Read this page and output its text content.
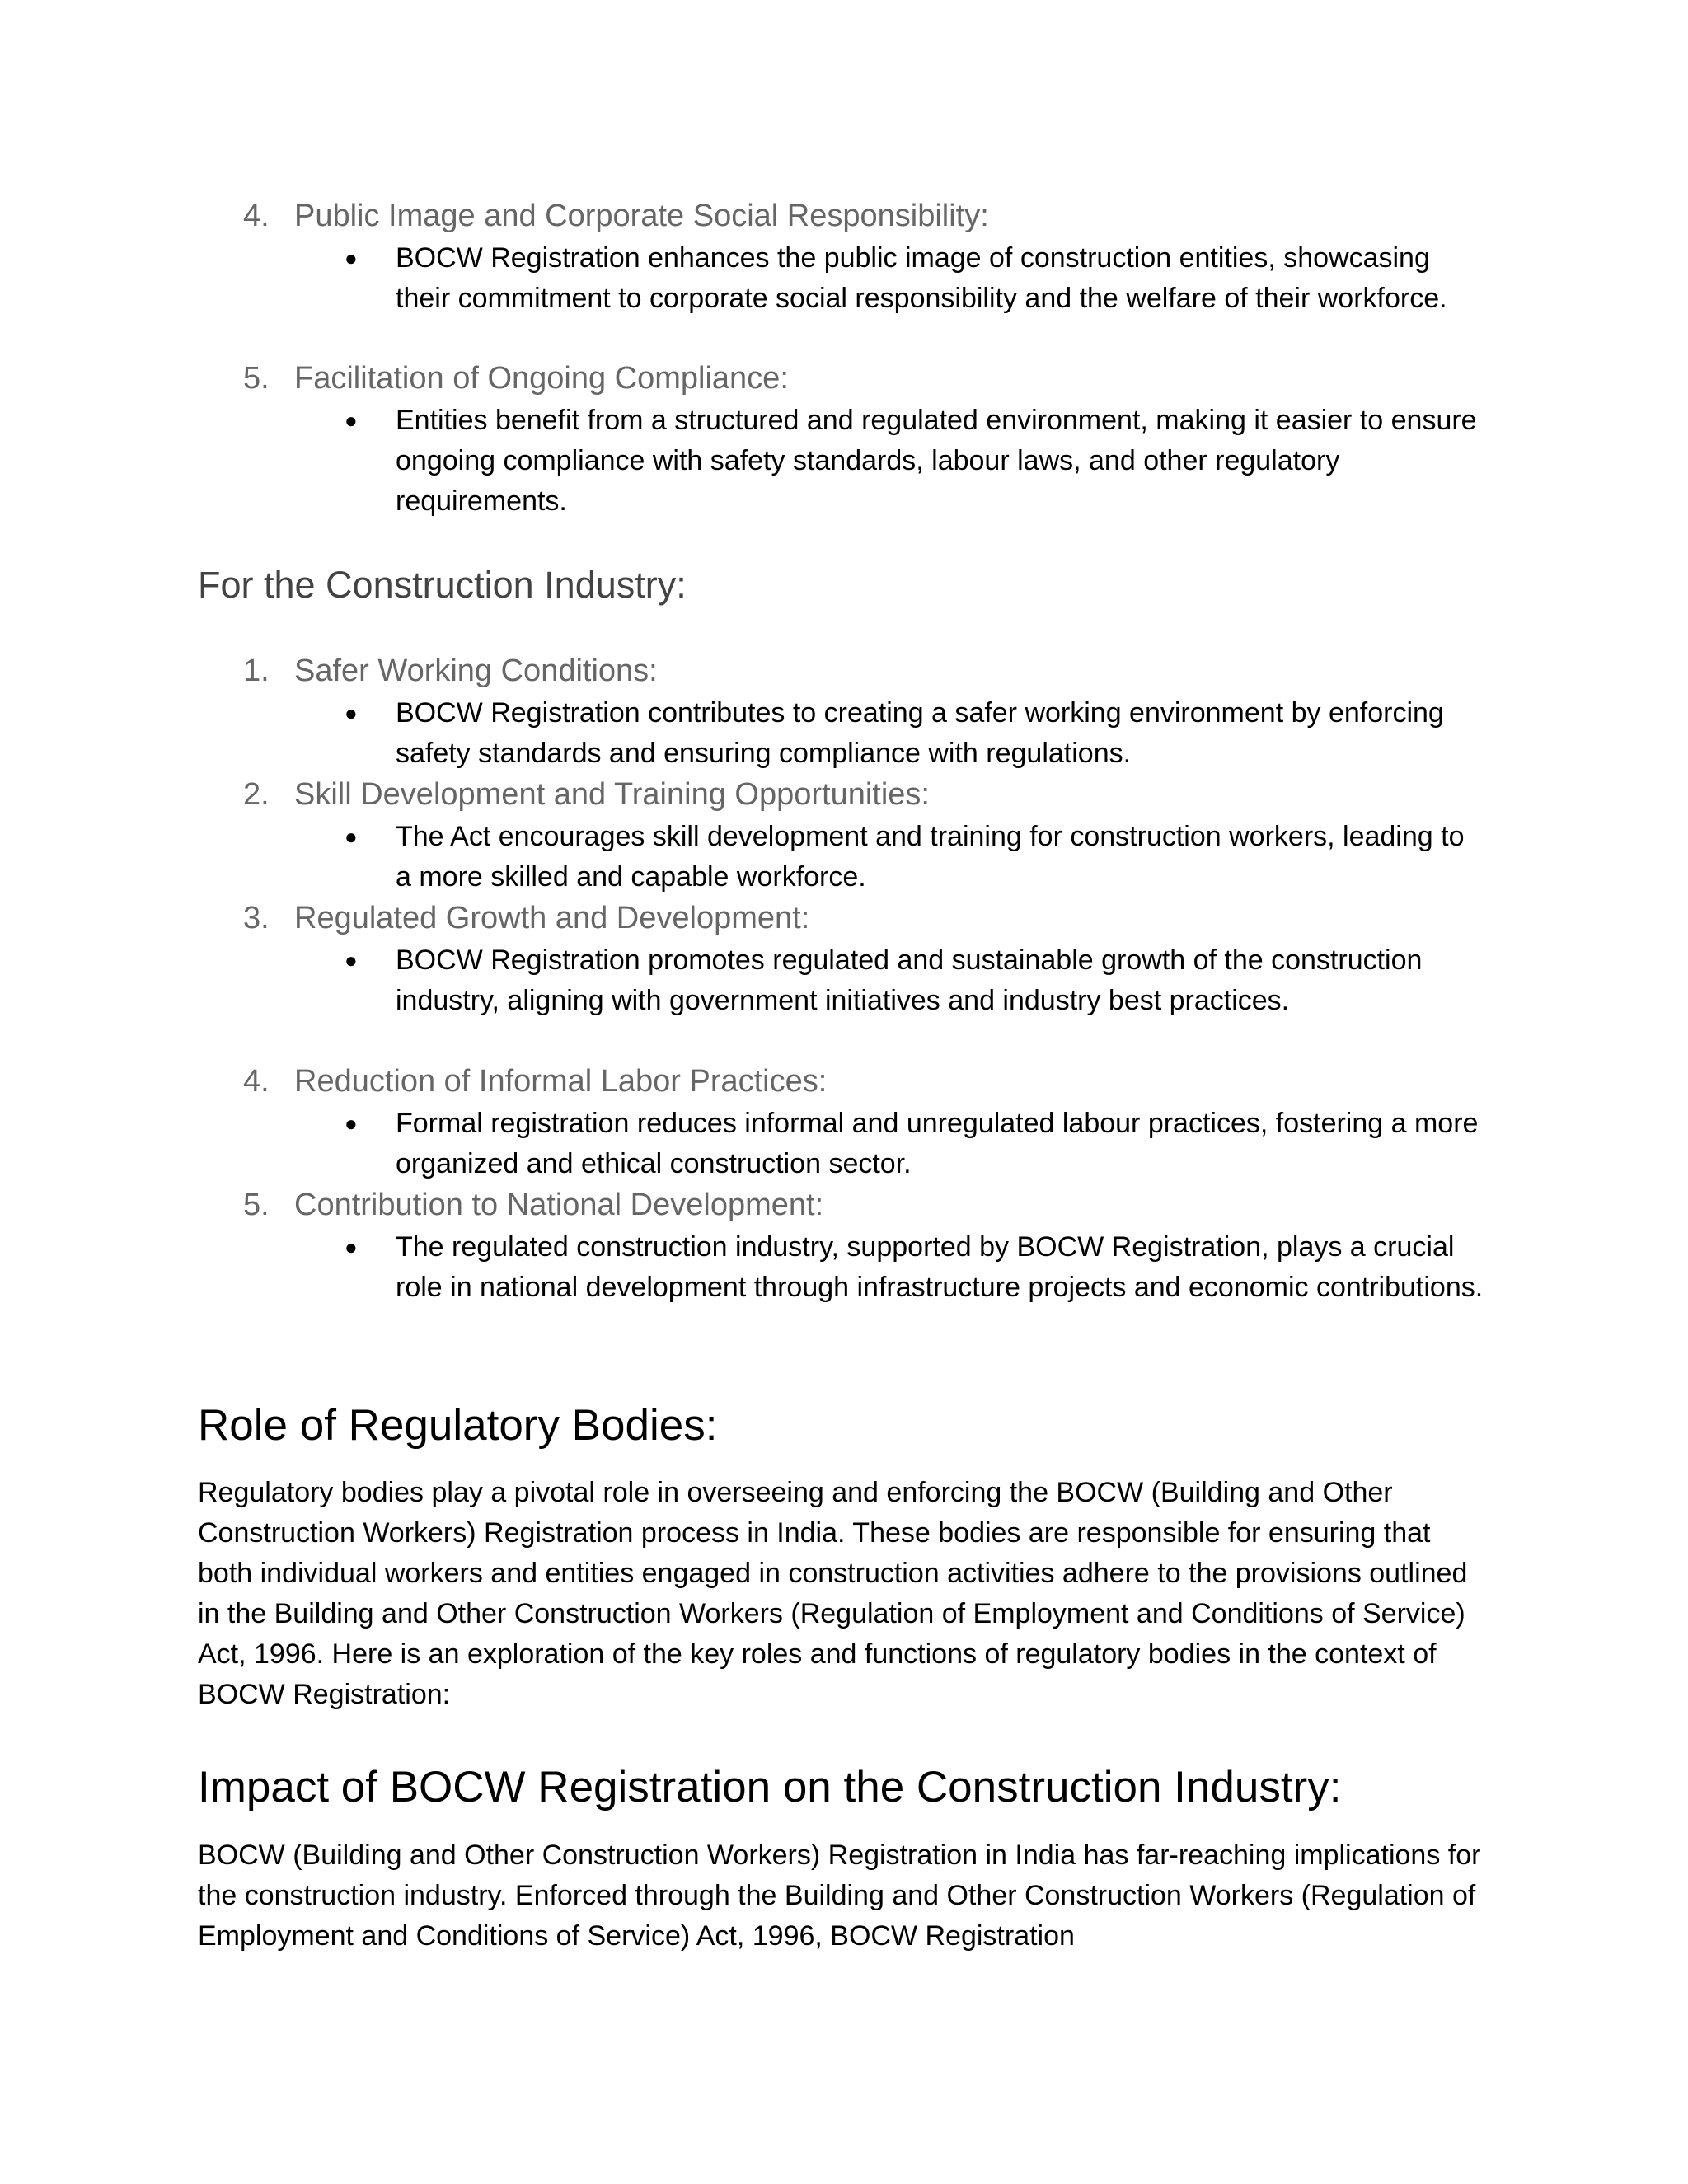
4. Public Image and Corporate Social Responsibility:
● BOCW Registration enhances the public image of construction entities, showcasing their commitment to corporate social responsibility and the welfare of their workforce.
5. Facilitation of Ongoing Compliance:
● Entities benefit from a structured and regulated environment, making it easier to ensure ongoing compliance with safety standards, labour laws, and other regulatory requirements.
For the Construction Industry:
1. Safer Working Conditions:
● BOCW Registration contributes to creating a safer working environment by enforcing safety standards and ensuring compliance with regulations.
2. Skill Development and Training Opportunities:
● The Act encourages skill development and training for construction workers, leading to a more skilled and capable workforce.
3. Regulated Growth and Development:
● BOCW Registration promotes regulated and sustainable growth of the construction industry, aligning with government initiatives and industry best practices.
4. Reduction of Informal Labor Practices:
● Formal registration reduces informal and unregulated labour practices, fostering a more organized and ethical construction sector.
5. Contribution to National Development:
● The regulated construction industry, supported by BOCW Registration, plays a crucial role in national development through infrastructure projects and economic contributions.
Role of Regulatory Bodies:
Regulatory bodies play a pivotal role in overseeing and enforcing the BOCW (Building and Other Construction Workers) Registration process in India. These bodies are responsible for ensuring that both individual workers and entities engaged in construction activities adhere to the provisions outlined in the Building and Other Construction Workers (Regulation of Employment and Conditions of Service) Act, 1996. Here is an exploration of the key roles and functions of regulatory bodies in the context of BOCW Registration:
Impact of BOCW Registration on the Construction Industry:
BOCW (Building and Other Construction Workers) Registration in India has far-reaching implications for the construction industry. Enforced through the Building and Other Construction Workers (Regulation of Employment and Conditions of Service) Act, 1996, BOCW Registration
